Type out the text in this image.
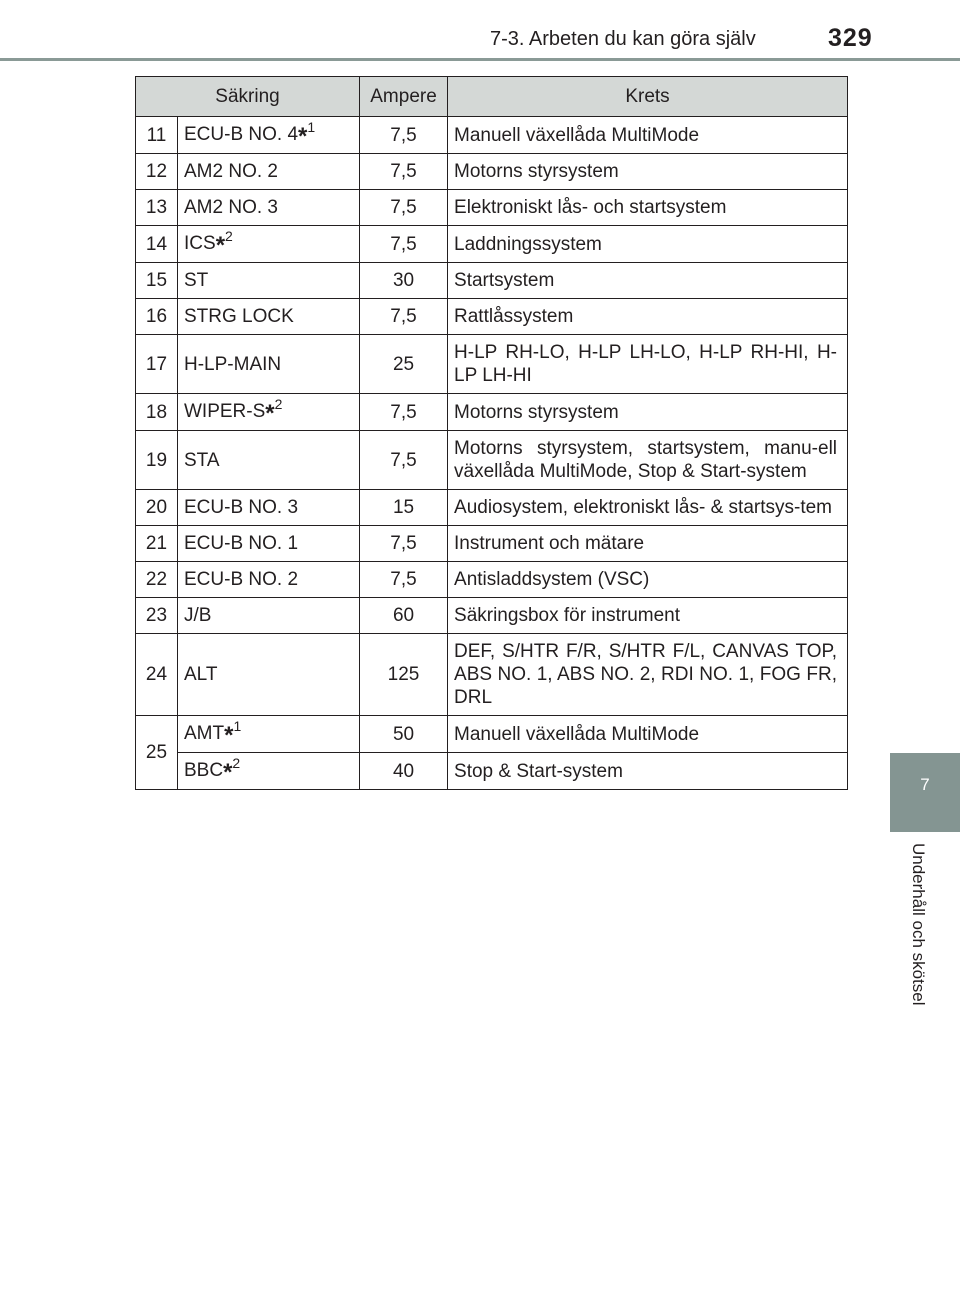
7-3. Arbeten du kan göra själv	329
7
Underhåll och skötsel
Säkring		Ampere	Krets
11	ECU-B NO. 4*$^1$	7,5	Manuell växellåda MultiMode
12	AM2 NO. 2	7,5	Motorns styrsystem
13	AM2 NO. 3	7,5	Elektroniskt lås- och startsystem
14	ICS*$^2$	7,5	Laddningssystem
15	ST	30	Startsystem
16	STRG LOCK	7,5	Rattlåssystem
17	H-LP-MAIN	25	H-LP RH-LO, H-LP LH-LO, H-LP RH-HI, H-LP LH-HI
18	WIPER-S*$^2$	7,5	Motorns styrsystem
19	STA	7,5	Motorns styrsystem, startsystem, manu-ell växellåda MultiMode, Stop & Start-system
20	ECU-B NO. 3	15	Audiosystem, elektroniskt lås- & startsys-tem
21	ECU-B NO. 1	7,5	Instrument och mätare
22	ECU-B NO. 2	7,5	Antisladdsystem (VSC)
23	J/B	60	Säkringsbox för instrument
24	ALT	125	DEF, S/HTR F/R, S/HTR F/L, CANVAS TOP, ABS NO. 1, ABS NO. 2, RDI NO. 1, FOG FR, DRL
25	AMT*$^1$	50	Manuell växellåda MultiMode
	BBC*$^2$	40	Stop & Start-system
